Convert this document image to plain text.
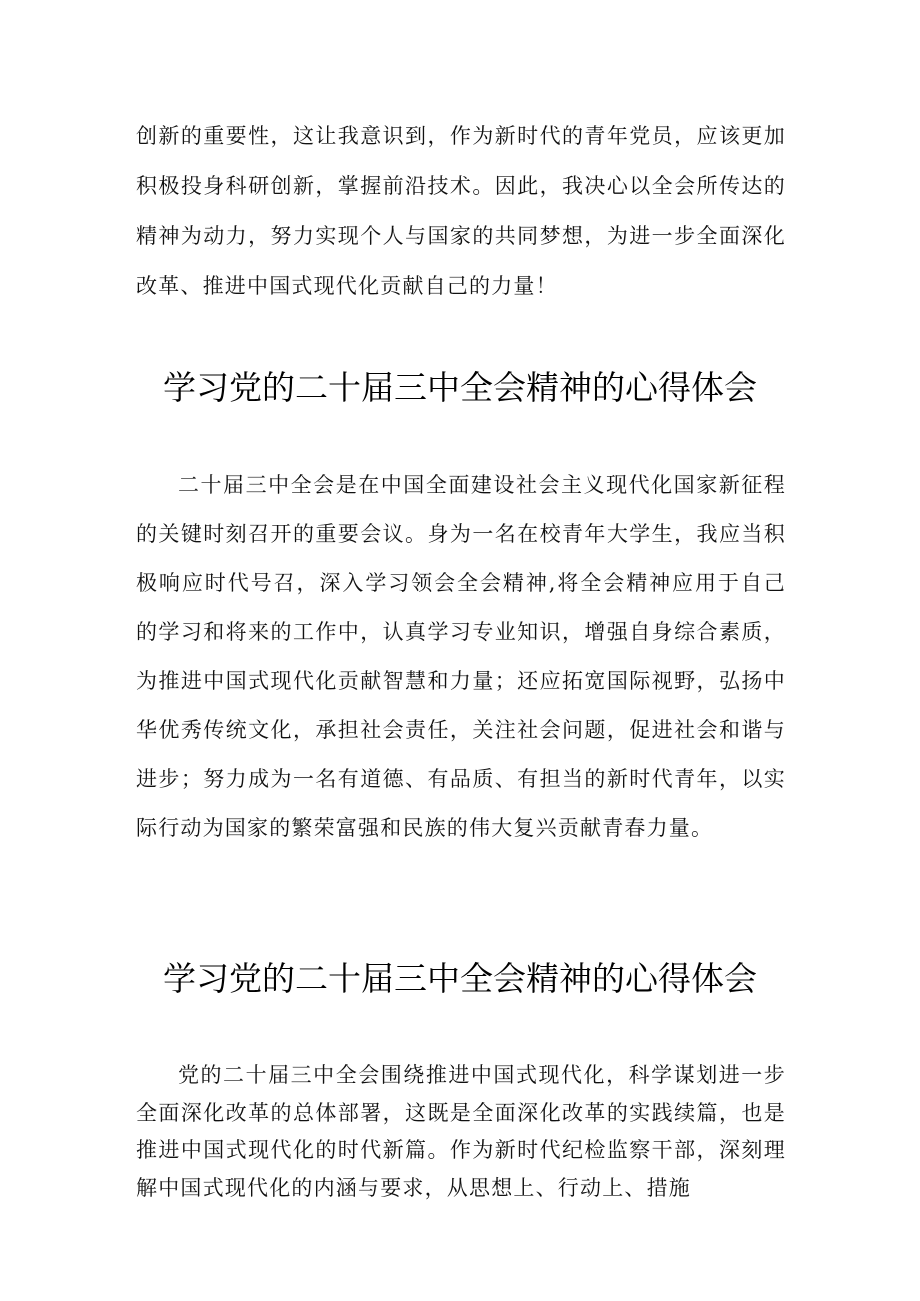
创新的重要性，这让我意识到，作为新时代的青年党员，应该更加积极投身科研创新，掌握前沿技术。因此，我决心以全会所传达的精神为动力，努力实现个人与国家的共同梦想，为进一步全面深化改革、推进中国式现代化贡献自己的力量！

学习党的二十届三中全会精神的心得体会

二十届三中全会是在中国全面建设社会主义现代化国家新征程的关键时刻召开的重要会议。身为一名在校青年大学生，我应当积极响应时代号召，深入学习领会全会精神,将全会精神应用于自己的学习和将来的工作中，认真学习专业知识，增强自身综合素质，为推进中国式现代化贡献智慧和力量；还应拓宽国际视野，弘扬中华优秀传统文化，承担社会责任，关注社会问题，促进社会和谐与进步；努力成为一名有道德、有品质、有担当的新时代青年，以实际行动为国家的繁荣富强和民族的伟大复兴贡献青春力量。

学习党的二十届三中全会精神的心得体会

党的二十届三中全会围绕推进中国式现代化，科学谋划进一步全面深化改革的总体部署，这既是全面深化改革的实践续篇，也是推进中国式现代化的时代新篇。作为新时代纪检监察干部，深刻理解中国式现代化的内涵与要求，从思想上、行动上、措施
